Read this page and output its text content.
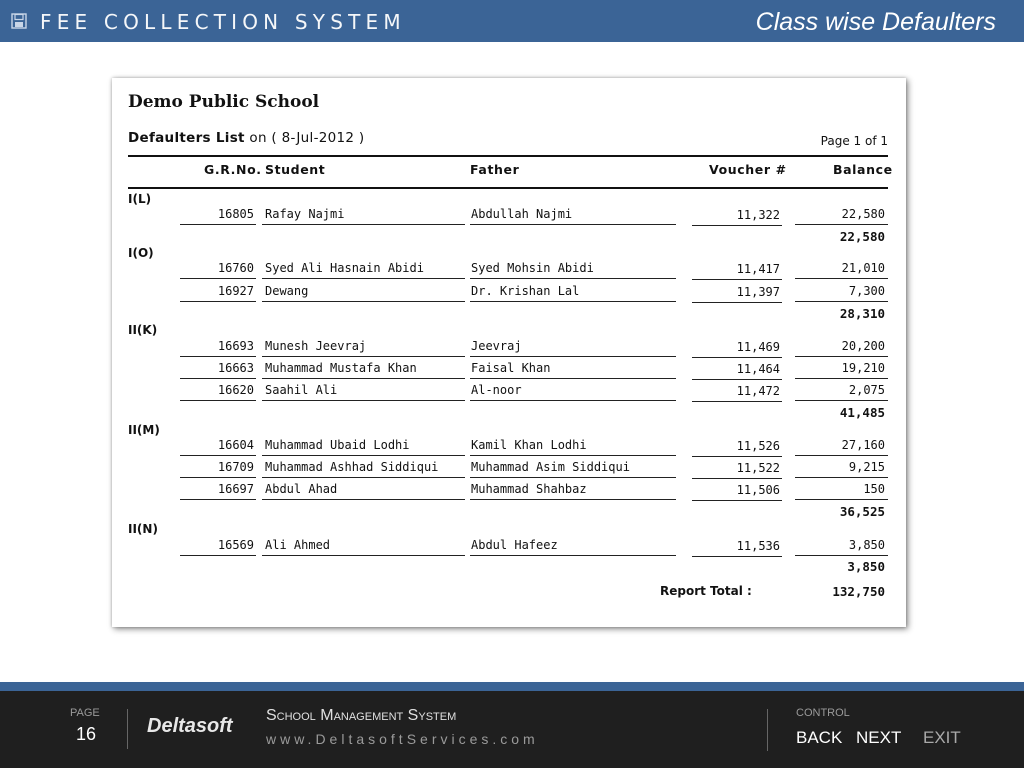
FEE COLLECTION SYSTEM	Class wise Defaulters
Demo Public School
Defaulters List on ( 8-Jul-2012 )	Page 1 of 1
G.R.No. Student	Father	Voucher #	Balance
I(L)
16805 Rafay Najmi	Abdullah Najmi	11,322	22,580
22,580
I(O)
16760 Syed Ali Hasnain Abidi	Syed Mohsin Abidi	11,417	21,010
16927 Dewang	Dr. Krishan Lal	11,397	7,300
28,310
II(K)
16693 Munesh Jeevraj	Jeevraj	11,469	20,200
16663 Muhammad Mustafa Khan	Faisal Khan	11,464	19,210
16620 Saahil Ali	Al-noor	11,472	2,075
41,485
II(M)
16604 Muhammad Ubaid Lodhi	Kamil Khan Lodhi	11,526	27,160
16709 Muhammad Ashhad Siddiqui	Muhammad Asim Siddiqui	11,522	9,215
16697 Abdul Ahad	Muhammad Shahbaz	11,506	150
36,525
II(N)
16569 Ali Ahmed	Abdul Hafeez	11,536	3,850
3,850
Report Total :	132,750
PAGE
16	Deltasoft School Management System
www.DeltasoftServices.com
CONTROL
BACK NEXT EXIT
